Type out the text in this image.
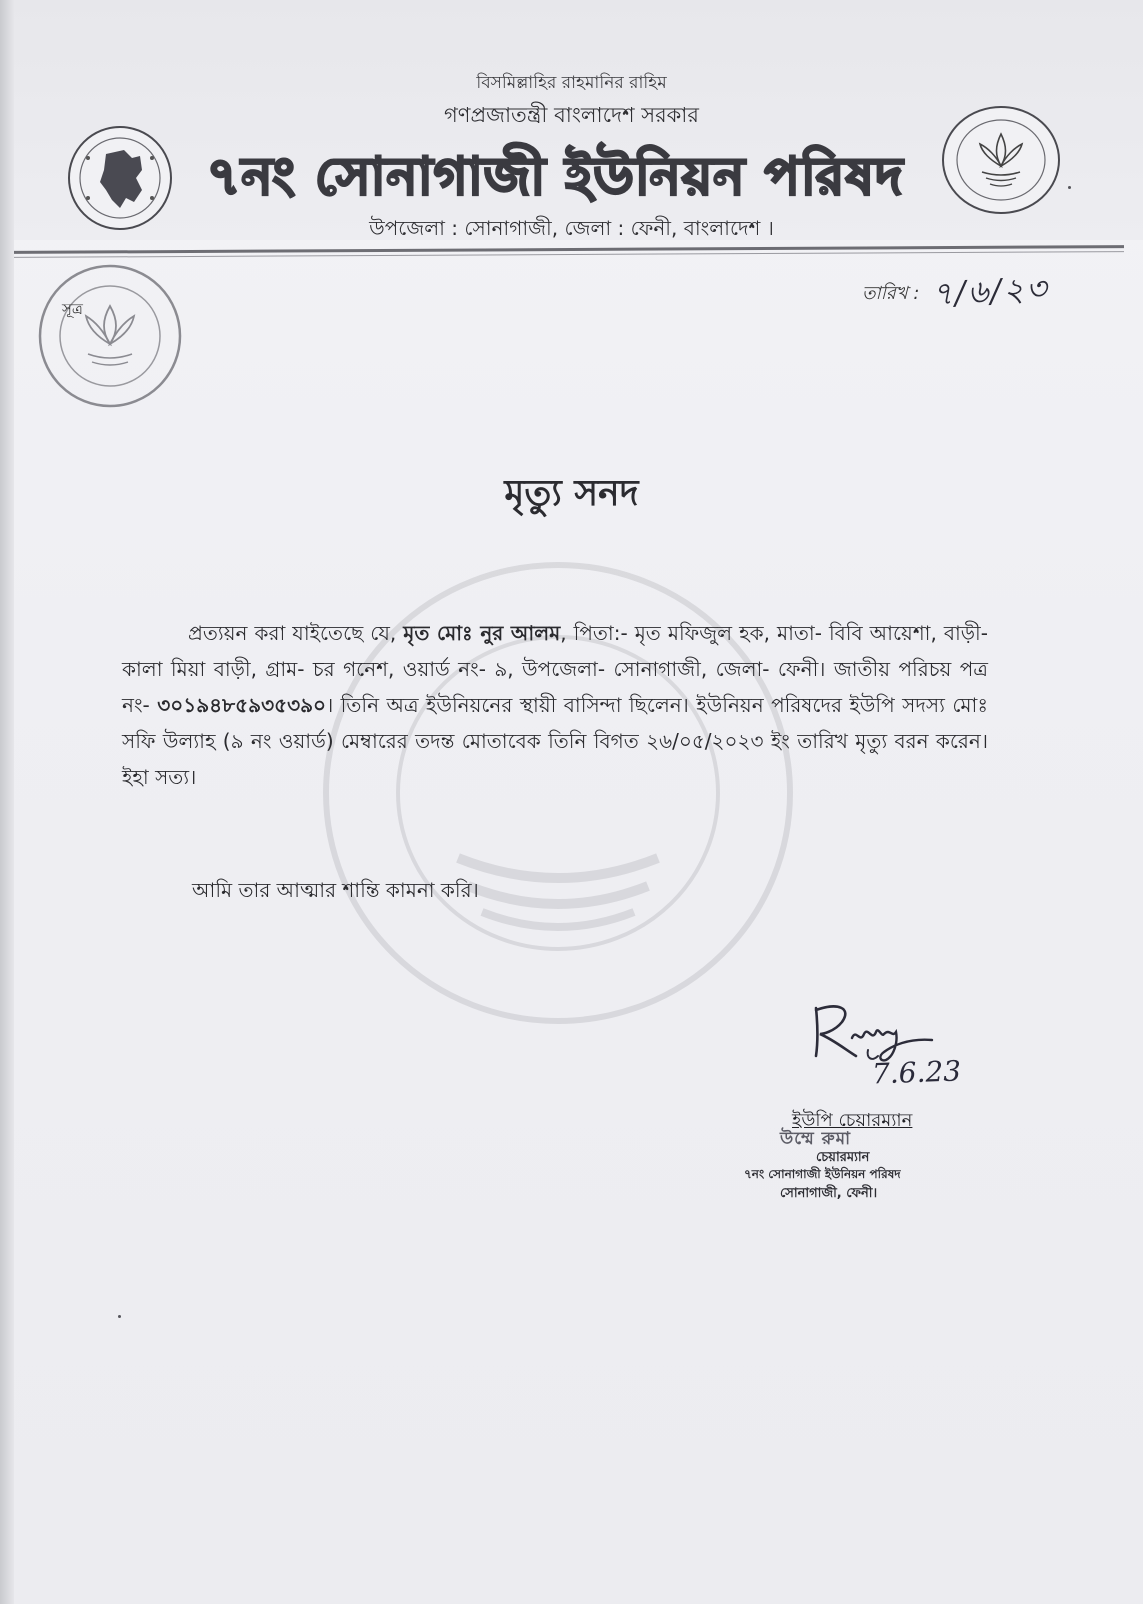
বিসমিল্লাহির রাহমানির রাহিম
গণপ্রজাতন্ত্রী বাংলাদেশ সরকার
৭নং সোনাগাজী ইউনিয়ন পরিষদ
উপজেলা : সোনাগাজী, জেলা : ফেনী, বাংলাদেশ ।
সূত্র
তারিখ : ৭/৬/২৩
মৃত্যু সনদ
প্রত্যয়ন করা যাইতেছে যে, মৃত মোঃ নুর আলম, পিতা:- মৃত মফিজুল হক, মাতা- বিবি আয়েশা, বাড়ী- কালা মিয়া বাড়ী, গ্রাম- চর গনেশ, ওয়ার্ড নং- ৯, উপজেলা- সোনাগাজী, জেলা- ফেনী। জাতীয় পরিচয় পত্র নং- ৩০১৯৪৮৫৯৩৫৩৯০। তিনি অত্র ইউনিয়নের স্থায়ী বাসিন্দা ছিলেন। ইউনিয়ন পরিষদের ইউপি সদস্য মোঃ সফি উল্যাহ (৯ নং ওয়ার্ড) মেম্বারের তদন্ত মোতাবেক তিনি বিগত ২৬/০৫/২০২৩ ইং তারিখ মৃত্যু বরন করেন। ইহা সত্য।
আমি তার আত্মার শান্তি কামনা করি।
7.6.23
ইউপি চেয়ারম্যান
উম্মে রুমা
চেয়ারম্যান
৭নং সোনাগাজী ইউনিয়ন পরিষদ
সোনাগাজী, ফেনী।
